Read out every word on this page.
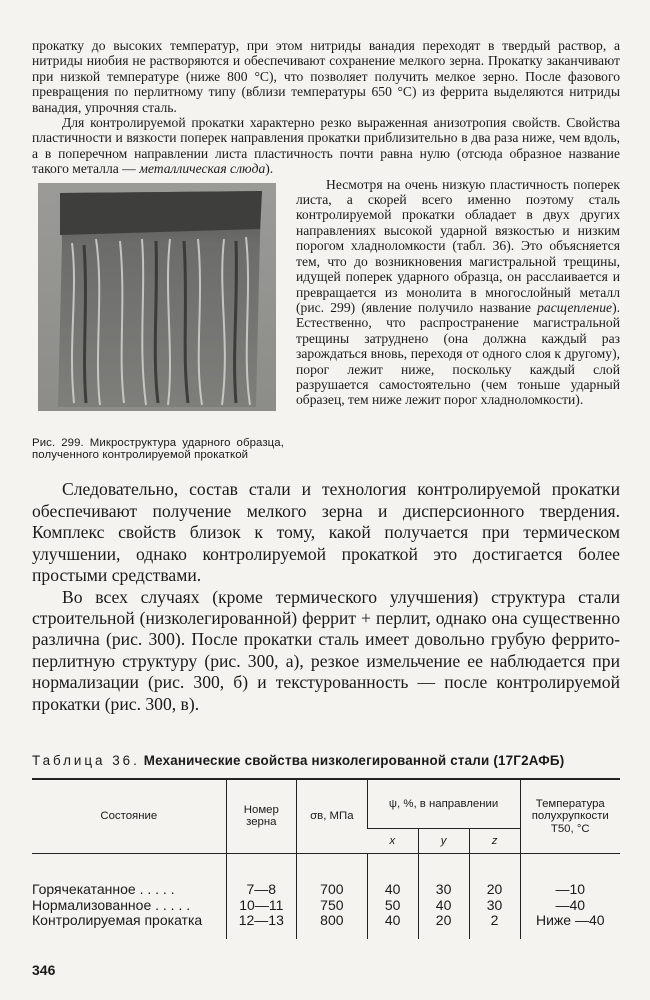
прокатку до высоких температур, при этом нитриды ванадия переходят в твердый раствор, а нитриды ниобия не растворяются и обеспечивают сохранение мелкого зерна. Прокатку заканчивают при низкой температуре (ниже 800 °С), что позволяет получить мелкое зерно. После фазового превращения по перлитному типу (вблизи температуры 650 °С) из феррита выделяются нитриды ванадия, упрочняя сталь.

Для контролируемой прокатки характерно резко выраженная анизотропия свойств. Свойства пластичности и вязкости поперек направления прокатки приблизительно в два раза ниже, чем вдоль, а в поперечном направлении листа пластичность почти равна нулю (отсюда образное название такого металла — металлическая слюда).

Рис. 299. Микроструктура ударного образца, полученного контролируемой прокаткой

Несмотря на очень низкую пластичность поперек листа, а скорей всего именно поэтому сталь контролируемой прокатки обладает в двух других направлениях высокой ударной вязкостью и низким порогом хладноломкости (табл. 36). Это объясняется тем, что до возникновения магистральной трещины, идущей поперек ударного образца, он расслаивается и превращается из монолита в многослойный металл (рис. 299) (явление получило название расщепление). Естественно, что распространение магистральной трещины затруднено (она должна каждый раз зарождаться вновь, переходя от одного слоя к другому), порог лежит ниже, поскольку каждый слой разрушается самостоятельно (чем тоньше ударный образец, тем ниже лежит порог хладноломкости).

Следовательно, состав стали и технология контролируемой прокатки обеспечивают получение мелкого зерна и дисперсионного твердения. Комплекс свойств близок к тому, какой получается при термическом улучшении, однако контролируемой прокаткой это достигается более простыми средствами.

Во всех случаях (кроме термического улучшения) структура стали строительной (низколегированной) феррит + перлит, однако она существенно различна (рис. 300). После прокатки сталь имеет довольно грубую феррито-перлитную структуру (рис. 300, а), резкое измельчение ее наблюдается при нормализации (рис. 300, б) и текстурованность — после контролируемой прокатки (рис. 300, в).

Таблица 36. Механические свойства низколегированной стали (17Г2АФБ)
Состояние	Номер зерна	σв, МПа	ψ, %, в направлении			Температура полухрупкости T50, °C
			x	y	z	
Горячекатанное . . . . .	7—8	700	40	30	20	—10
Нормализованное . . . . .	10—11	750	50	40	30	—40
Контролируемая прокатка	12—13	800	40	20	2	Ниже —40
346
